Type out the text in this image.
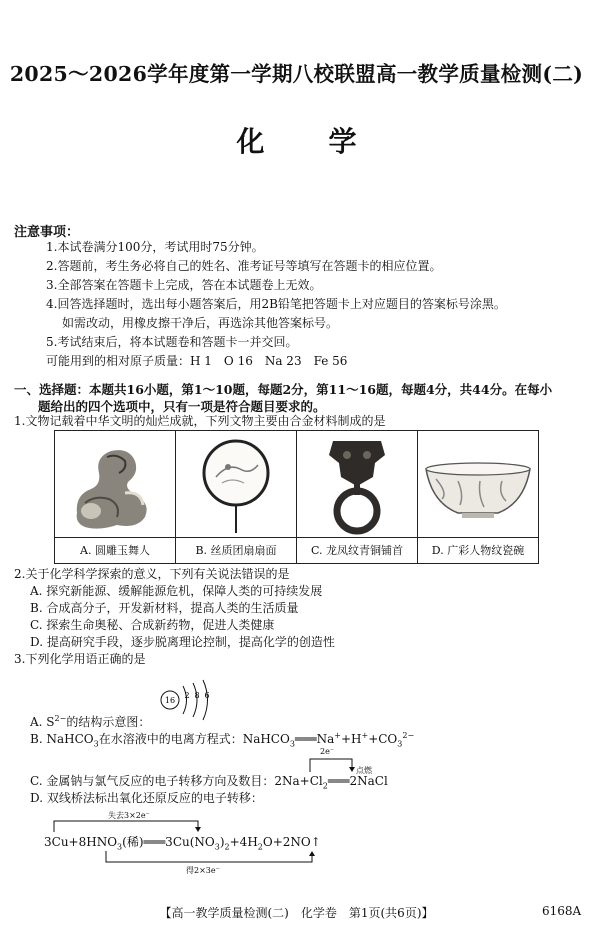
2025～2026学年度第一学期八校联盟高一教学质量检测(二)
化学
注意事项：
1.本试卷满分100分，考试用时75分钟。
2.答题前，考生务必将自己的姓名、准考证号等填写在答题卡的相应位置。
3.全部答案在答题卡上完成，答在本试题卷上无效。
4.回答选择题时，选出每小题答案后，用2B铅笔把答题卡上对应题目的答案标号涂黑。
如需改动，用橡皮擦干净后，再选涂其他答案标号。
5.考试结束后，将本试题卷和答题卡一并交回。
可能用到的相对原子质量：H 1　O 16　Na 23　Fe 56
一、选择题：本题共16小题，第1～10题，每题2分，第11～16题，每题4分，共44分。在每小
题给出的四个选项中，只有一项是符合题目要求的。
1.文物记载着中华文明的灿烂成就，下列文物主要由合金材料制成的是

A. 圆雕玉舞人	B. 丝质团扇扇面	C. 龙凤纹青铜铺首	D. 广彩人物纹瓷碗
2.关于化学科学探索的意义，下列有关说法错误的是
A. 探究新能源、缓解能源危机，保障人类的可持续发展
B. 合成高分子，开发新材料，提高人类的生活质量
C. 探索生命奥秘、合成新药物，促进人类健康
D. 提高研究手段，逐步脱离理论控制，提高化学的创造性
3.下列化学用语正确的是
16
2 8 6
A. $S^{2-}$的结构示意图：
B. NaHCO$_3$在水溶液中的电离方程式：$NaHCO_3═══Na^++H^++CO_3^{2-}$
2e⁻
点燃
C. 金属钠与氯气反应的电子转移方向及数目：$2Na+Cl_2═══2NaCl$
D. 双线桥法标出氧化还原反应的电子转移：
失去3×2e⁻
$3Cu+8HNO_3$(稀)$═══3Cu(NO_3)_2+4H_2O+2NO↑$
得2×3e⁻
【高一教学质量检测(二)　化学卷　第1页(共6页)】	6168A
